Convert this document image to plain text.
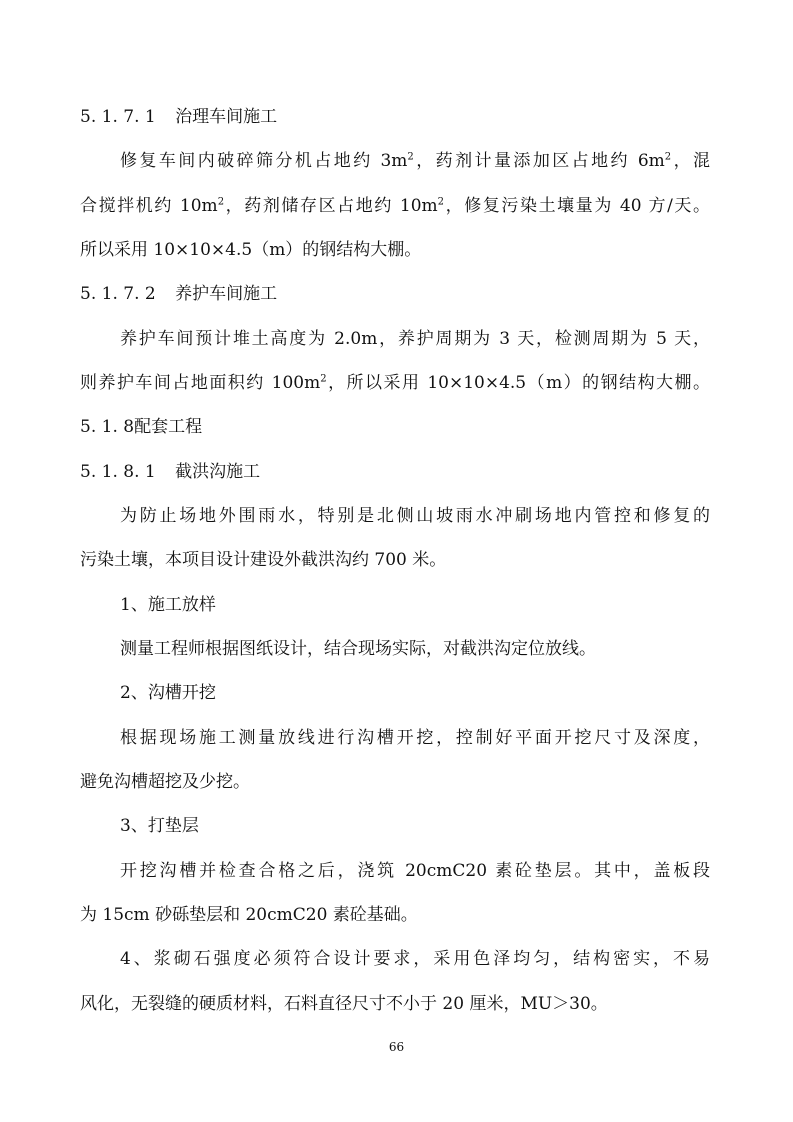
5. 1. 7. 1 治理车间施工
修复车间内破碎筛分机占地约 $3m^2$，药剂计量添加区占地约 $6m^2$，混
合搅拌机约 $10m^2$，药剂储存区占地约 $10m^2$，修复污染土壤量为 40 方/天。
所以采用 10×10×4.5（m）的钢结构大棚。
5. 1. 7. 2 养护车间施工
养护车间预计堆土高度为 2.0m，养护周期为 3 天，检测周期为 5 天，
则养护车间占地面积约 $100m^2$，所以采用 10×10×4.5（m）的钢结构大棚。
5. 1. 8配套工程
5. 1. 8. 1 截洪沟施工
为防止场地外围雨水，特别是北侧山坡雨水冲刷场地内管控和修复的
污染土壤，本项目设计建设外截洪沟约 700 米。
1、施工放样
测量工程师根据图纸设计，结合现场实际，对截洪沟定位放线。
2、沟槽开挖
根据现场施工测量放线进行沟槽开挖，控制好平面开挖尺寸及深度，
避免沟槽超挖及少挖。
3、打垫层
开挖沟槽并检查合格之后，浇筑 20cmC20 素砼垫层。其中，盖板段
为 15cm 砂砾垫层和 20cmC20 素砼基础。
4、浆砌石强度必须符合设计要求，采用色泽均匀，结构密实，不易
风化，无裂缝的硬质材料，石料直径尺寸不小于 20 厘米，MU＞30。
66
